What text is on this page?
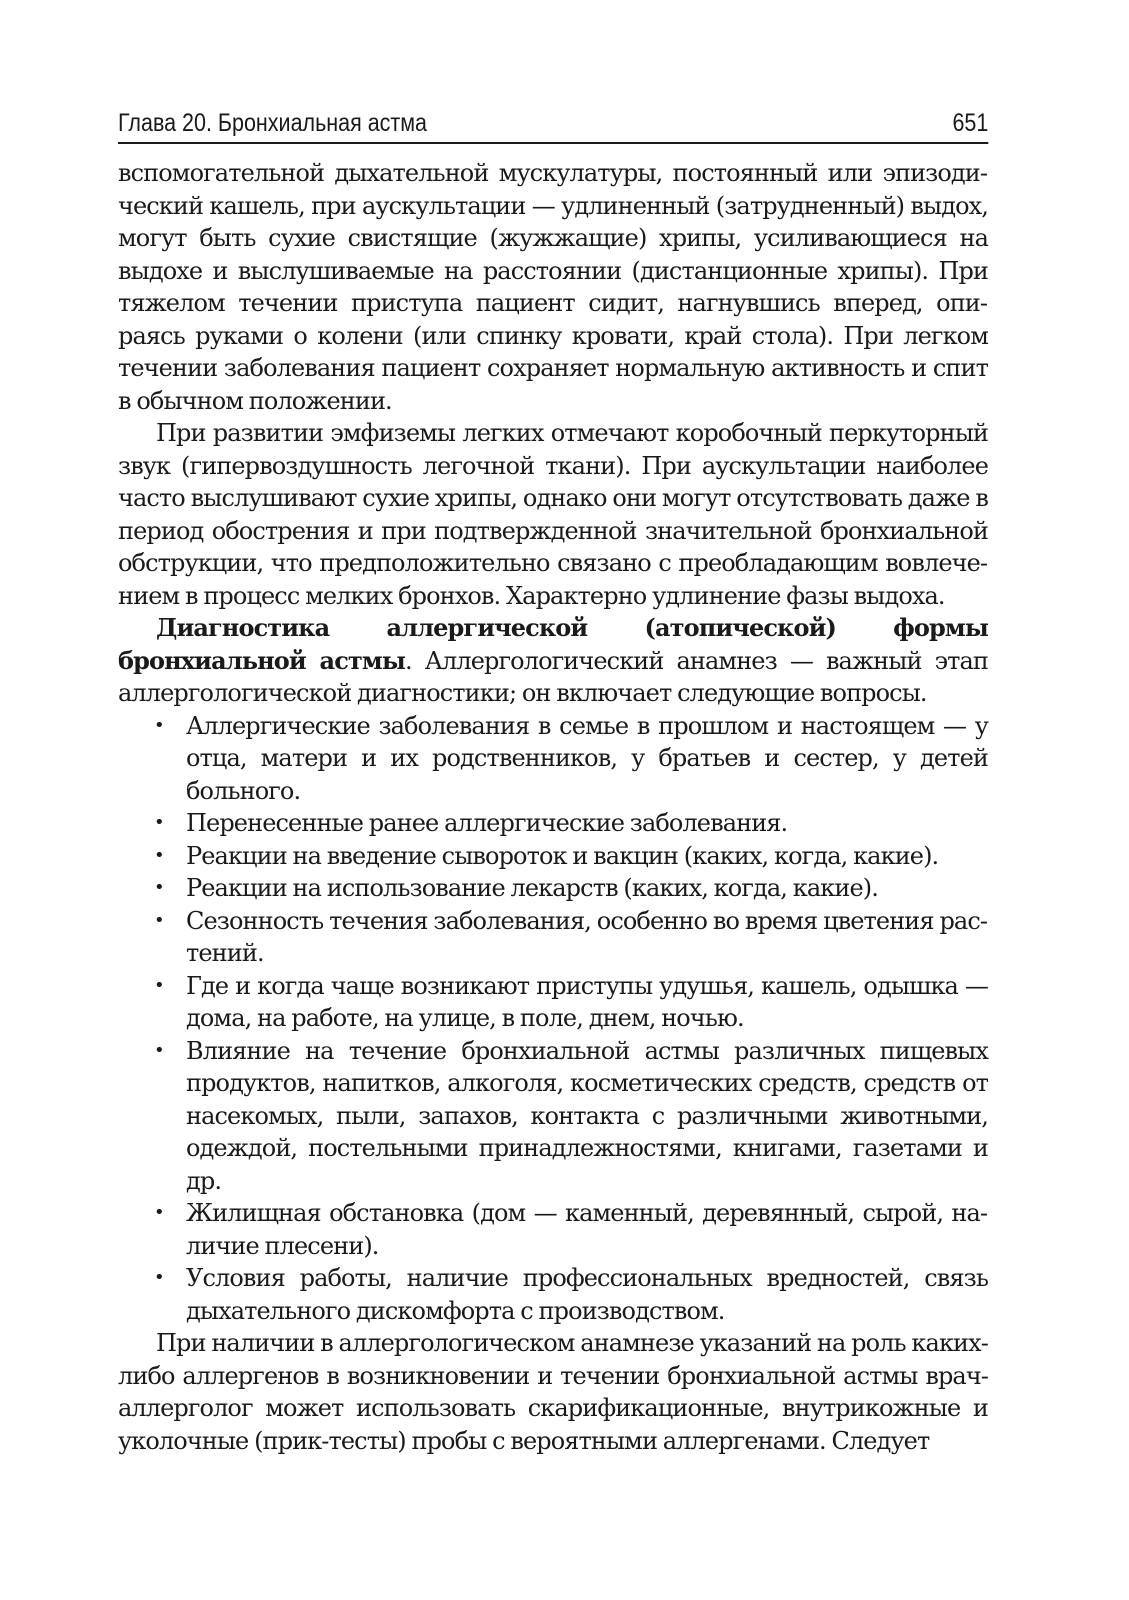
Глава 20. Бронхиальная астма	651

вспомогательной дыхательной мускулатуры, постоянный или эпизодический кашель, при аускультации — удлиненный (затрудненный) выдох, могут быть сухие свистящие (жужжащие) хрипы, усиливающиеся на выдохе и выслушиваемые на расстоянии (дистанционные хрипы). При тяжелом течении приступа пациент сидит, нагнувшись вперед, опираясь руками о колени (или спинку кровати, край стола). При легком течении заболевания пациент сохраняет нормальную активность и спит в обычном положении.

При развитии эмфиземы легких отмечают коробочный перкуторный звук (гипервоздушность легочной ткани). При аускультации наиболее часто выслушивают сухие хрипы, однако они могут отсутствовать даже в период обострения и при подтвержденной значительной бронхиальной обструкции, что предположительно связано с преобладающим вовлечением в процесс мелких бронхов. Характерно удлинение фазы выдоха.

Диагностика аллергической (атопической) формы бронхиальной астмы. Аллергологический анамнез — важный этап аллергологической диагностики; он включает следующие вопросы.

• Аллергические заболевания в семье в прошлом и настоящем — у отца, матери и их родственников, у братьев и сестер, у детей больного.
• Перенесенные ранее аллергические заболевания.
• Реакции на введение сывороток и вакцин (каких, когда, какие).
• Реакции на использование лекарств (каких, когда, какие).
• Сезонность течения заболевания, особенно во время цветения растений.
• Где и когда чаще возникают приступы удушья, кашель, одышка — дома, на работе, на улице, в поле, днем, ночью.
• Влияние на течение бронхиальной астмы различных пищевых продуктов, напитков, алкоголя, косметических средств, средств от насекомых, пыли, запахов, контакта с различными животными, одеждой, постельными принадлежностями, книгами, газетами и др.
• Жилищная обстановка (дом — каменный, деревянный, сырой, наличие плесени).
• Условия работы, наличие профессиональных вредностей, связь дыхательного дискомфорта с производством.

При наличии в аллергологическом анамнезе указаний на роль каких-либо аллергенов в возникновении и течении бронхиальной астмы врач-аллерголог может использовать скарификационные, внутрикожные и уколочные (прик-тесты) пробы с вероятными аллергенами. Следует
